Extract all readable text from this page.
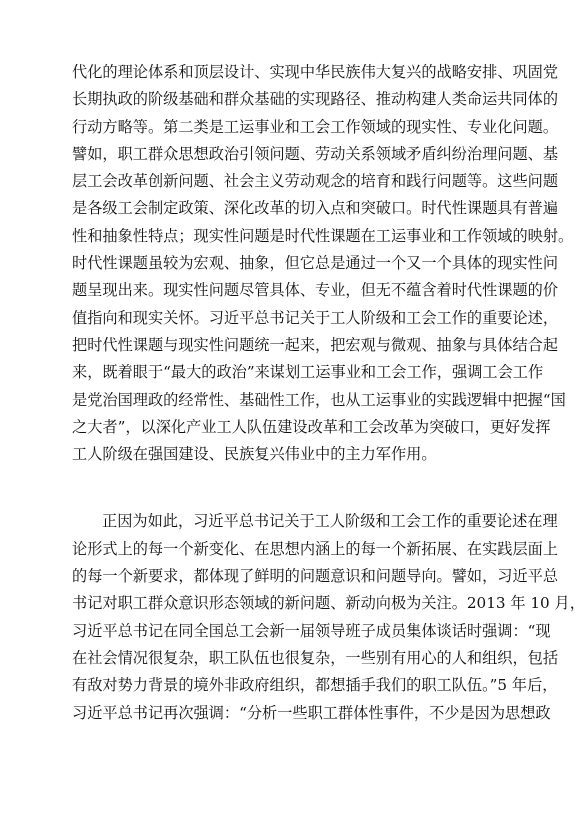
代化的理论体系和顶层设计、实现中华民族伟大复兴的战略安排、巩固党
长期执政的阶级基础和群众基础的实现路径、推动构建人类命运共同体的
行动方略等。第二类是工运事业和工会工作领域的现实性、专业化问题。
譬如，职工群众思想政治引领问题、劳动关系领域矛盾纠纷治理问题、基
层工会改革创新问题、社会主义劳动观念的培育和践行问题等。这些问题
是各级工会制定政策、深化改革的切入点和突破口。时代性课题具有普遍
性和抽象性特点；现实性问题是时代性课题在工运事业和工作领域的映射。
时代性课题虽较为宏观、抽象，但它总是通过一个又一个具体的现实性问
题呈现出来。现实性问题尽管具体、专业，但无不蕴含着时代性课题的价
值指向和现实关怀。习近平总书记关于工人阶级和工会工作的重要论述，
把时代性课题与现实性问题统一起来，把宏观与微观、抽象与具体结合起
来，既着眼于“最大的政治”来谋划工运事业和工会工作，强调工会工作
是党治国理政的经常性、基础性工作，也从工运事业的实践逻辑中把握“国
之大者”，以深化产业工人队伍建设改革和工会改革为突破口，更好发挥
工人阶级在强国建设、民族复兴伟业中的主力军作用。
正因为如此，习近平总书记关于工人阶级和工会工作的重要论述在理
论形式上的每一个新变化、在思想内涵上的每一个新拓展、在实践层面上
的每一个新要求，都体现了鲜明的问题意识和问题导向。譬如，习近平总
书记对职工群众意识形态领域的新问题、新动向极为关注。2013 年 10 月，
习近平总书记在同全国总工会新一届领导班子成员集体谈话时强调：“现
在社会情况很复杂，职工队伍也很复杂，一些别有用心的人和组织，包括
有敌对势力背景的境外非政府组织，都想插手我们的职工队伍。”5 年后，
习近平总书记再次强调：“分析一些职工群体性事件，不少是因为思想政
